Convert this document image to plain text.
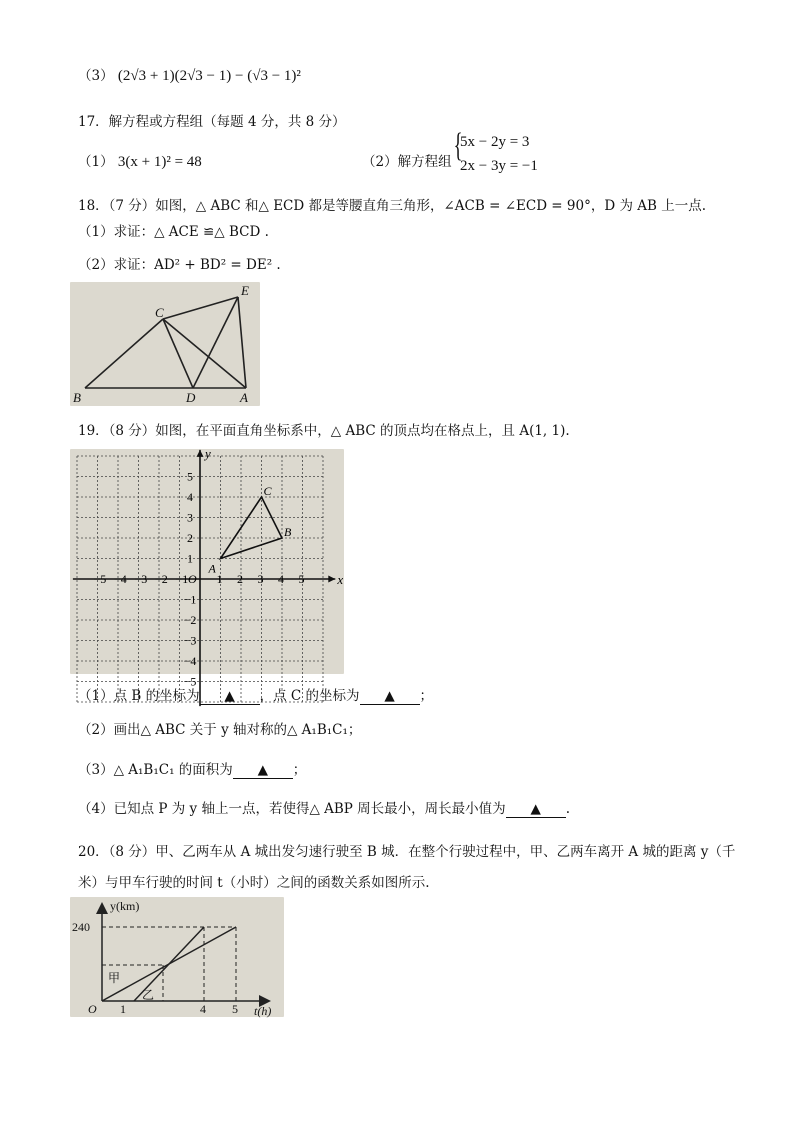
（3） (2√3 + 1)(2√3 − 1) − (√3 − 1)²
17．解方程或方程组（每题 4 分，共 8 分）
（1） 3(x + 1)² = 48	（2）解方程组 {
5x − 2y = 3
2x − 3y = −1
18．（7 分）如图，△ ABC 和△ ECD 都是等腰直角三角形，∠ACB = ∠ECD = 90°，D 为 AB 上一点.
（1）求证：△ ACE ≌△ BCD .
（2）求证：AD² + BD² = DE² .
C
E
B	D	A
19．（8 分）如图，在平面直角坐标系中，△ ABC 的顶点均在格点上，且 A(1, 1).
−5 −4 −3 −2 −1 1 2 3 4 5
5
4
3
2
1
−1
−2
−3
−4
−5
O	x
y
A
B
C
（1）点 B 的坐标为 ▲ ，点 C 的坐标为 ▲ ；
（2）画出△ ABC 关于 y 轴对称的△ A₁B₁C₁；
（3）△ A₁B₁C₁ 的面积为 ▲ ；
（4）已知点 P 为 y 轴上一点，若使得△ ABP 周长最小，周长最小值为 ▲ .
20．（8 分）甲、乙两车从 A 城出发匀速行驶至 B 城．在整个行驶过程中，甲、乙两车离开 A 城的距离 y（千
米）与甲车行驶的时间 t（小时）之间的函数关系如图所示.
y(km)
t(h)
240
O 1	4 5
甲
乙
